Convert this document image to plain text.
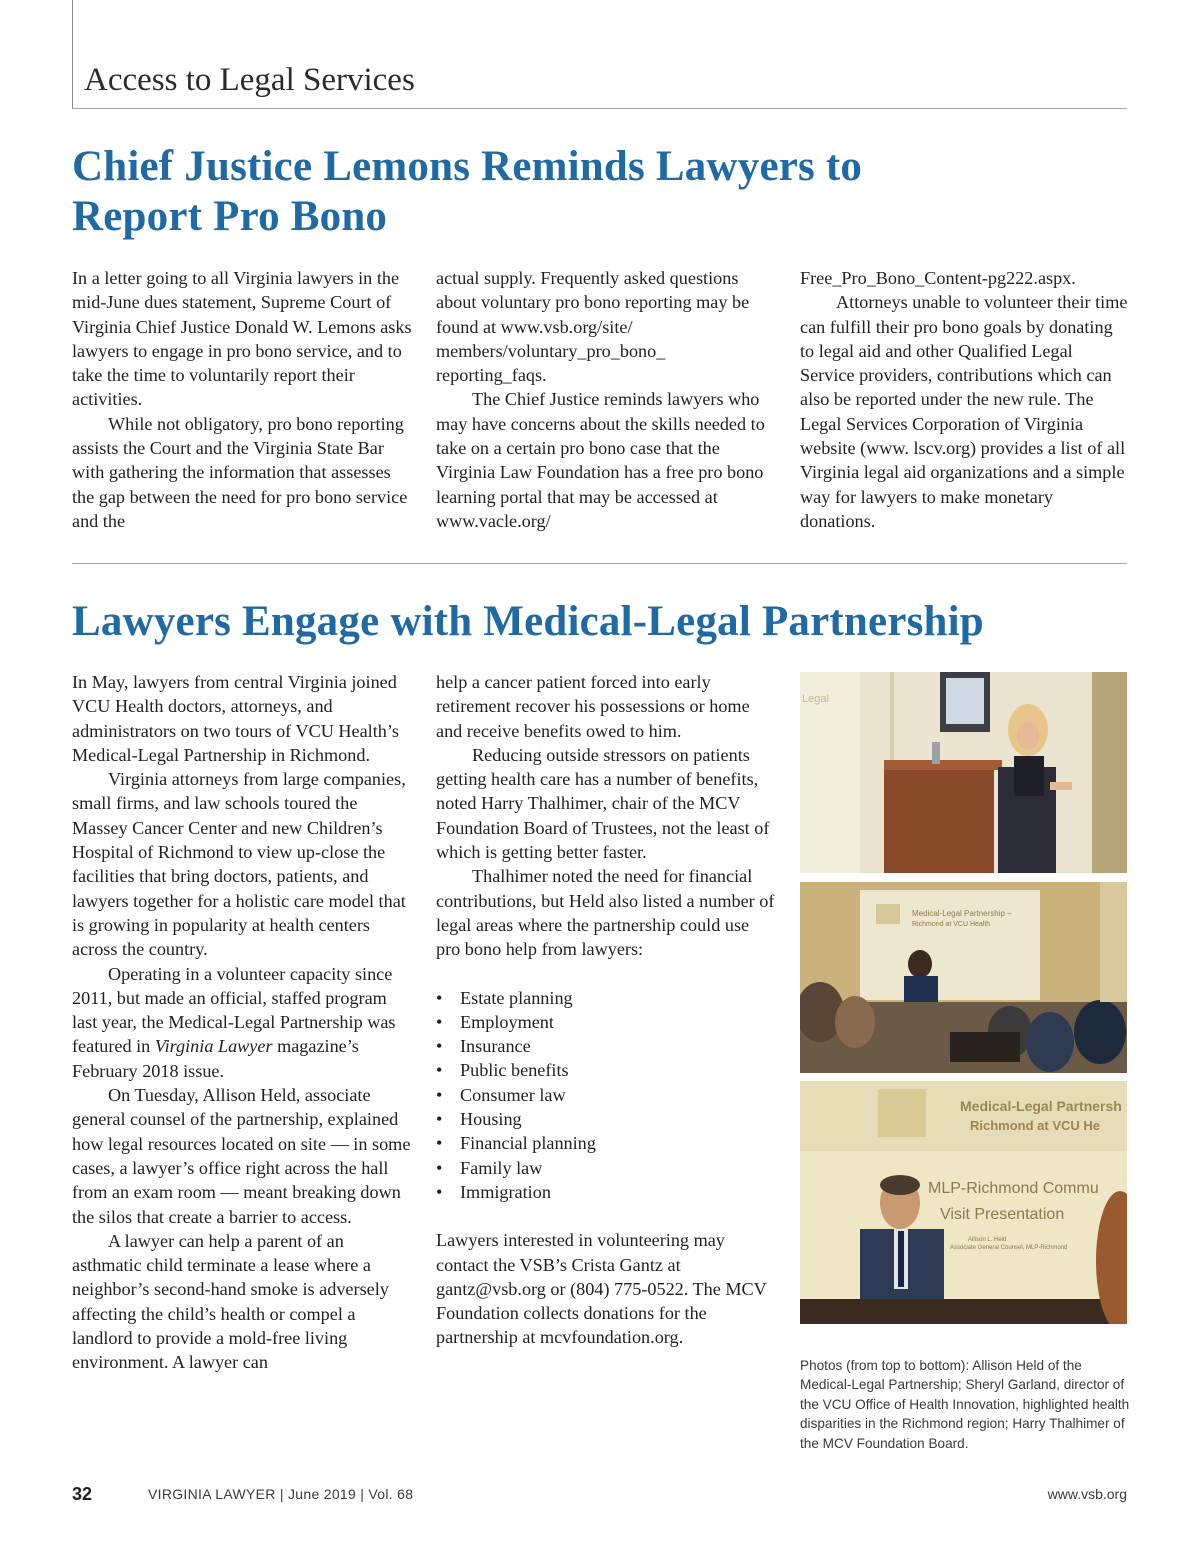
Access to Legal Services
Chief Justice Lemons Reminds Lawyers to
Report Pro Bono

In a letter going to all Virginia lawyers in the mid-June dues statement, Supreme Court of Virginia Chief Justice Donald W. Lemons asks lawyers to engage in pro bono service, and to take the time to voluntarily report their activities.

While not obligatory, pro bono reporting assists the Court and the Virginia State Bar with gathering the information that assesses the gap between the need for pro bono service and the

actual supply. Frequently asked questions about voluntary pro bono reporting may be found at www.vsb.org/site/ members/voluntary_pro_bono_ reporting_faqs.

The Chief Justice reminds lawyers who may have concerns about the skills needed to take on a certain pro bono case that the Virginia Law Foundation has a free pro bono learning portal that may be accessed at www.vacle.org/

Free_Pro_Bono_Content-pg222.aspx.

Attorneys unable to volunteer their time can fulfill their pro bono goals by donating to legal aid and other Qualified Legal Service providers, contributions which can also be reported under the new rule. The Legal Services Corporation of Virginia website (www. lscv.org) provides a list of all Virginia legal aid organizations and a simple way for lawyers to make monetary donations.

Lawyers Engage with Medical-Legal Partnership

In May, lawyers from central Virginia joined VCU Health doctors, attorneys, and administrators on two tours of VCU Health’s Medical-Legal Partnership in Richmond.

Virginia attorneys from large companies, small firms, and law schools toured the Massey Cancer Center and new Children’s Hospital of Richmond to view up-close the facilities that bring doctors, patients, and lawyers together for a holistic care model that is growing in popularity at health centers across the country.

Operating in a volunteer capacity since 2011, but made an official, staffed program last year, the Medical-Legal Partnership was featured in Virginia Lawyer magazine’s February 2018 issue.

On Tuesday, Allison Held, associate general counsel of the partnership, explained how legal resources located on site — in some cases, a lawyer’s office right across the hall from an exam room — meant breaking down the silos that create a barrier to access.

A lawyer can help a parent of an asthmatic child terminate a lease where a neighbor’s second-hand smoke is adversely affecting the child’s health or compel a landlord to provide a mold-free living environment. A lawyer can

help a cancer patient forced into early retirement recover his possessions or home and receive benefits owed to him.

Reducing outside stressors on patients getting health care has a number of benefits, noted Harry Thalhimer, chair of the MCV Foundation Board of Trustees, not the least of which is getting better faster.

Thalhimer noted the need for financial contributions, but Held also listed a number of legal areas where the partnership could use pro bono help from lawyers:

• Estate planning
• Employment
• Insurance
• Public benefits
• Consumer law
• Housing
• Financial planning
• Family law
• Immigration

Lawyers interested in volunteering may contact the VSB’s Crista Gantz at gantz@vsb.org or (804) 775-0522. The MCV Foundation collects donations for the partnership at mcvfoundation.org.

Legal
Medical-Legal Partnership –
Richmond at VCU Health
Medical-Legal Partnersh
Richmond at VCU He
MLP-Richmond Commu
Visit Presentation
Allison L. Held
Associate General Counsel, MLP-Richmond
Photos (from top to bottom): Allison Held of the Medical-Legal Partnership; Sheryl Garland, director of the VCU Office of Health Innovation, highlighted health disparities in the Richmond region; Harry Thalhimer of the MCV Foundation Board.
32	VIRGINIA LAWYER | June 2019 | Vol. 68	www.vsb.org
